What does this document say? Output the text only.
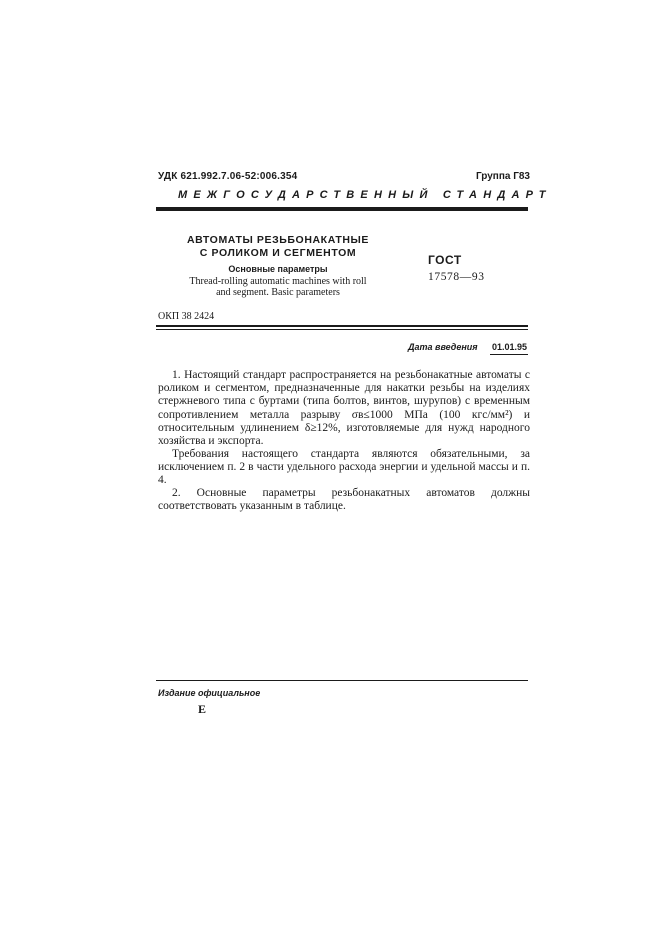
УДК 621.992.7.06-52:006.354	Группа Г83
МЕЖГОСУДАРСТВЕННЫЙ СТАНДАРТ
АВТОМАТЫ РЕЗЬБОНАКАТНЫЕ
С РОЛИКОМ И СЕГМЕНТОМ
Основные параметры
Thread-rolling automatic machines with roll
and segment. Basic parameters
ГОСТ
17578—93
ОКП 38 2424
Дата введения 01.01.95
1. Настоящий стандарт распространяется на резьбонакатные автоматы с роликом и сегментом, предназначенные для накатки резьбы на изделиях стержневого типа с буртами (типа болтов, винтов, шурупов) с временным сопротивлением металла разрыву σв≤1000 МПа (100 кгс/мм²) и относительным удлинением δ≥12%, изготовляемые для нужд народного хозяйства и экспорта.
Требования настоящего стандарта являются обязательными, за исключением п. 2 в части удельного расхода энергии и удельной массы и п. 4.
2. Основные параметры резьбонакатных автоматов должны соответствовать указанным в таблице.
Издание официальное
Е
